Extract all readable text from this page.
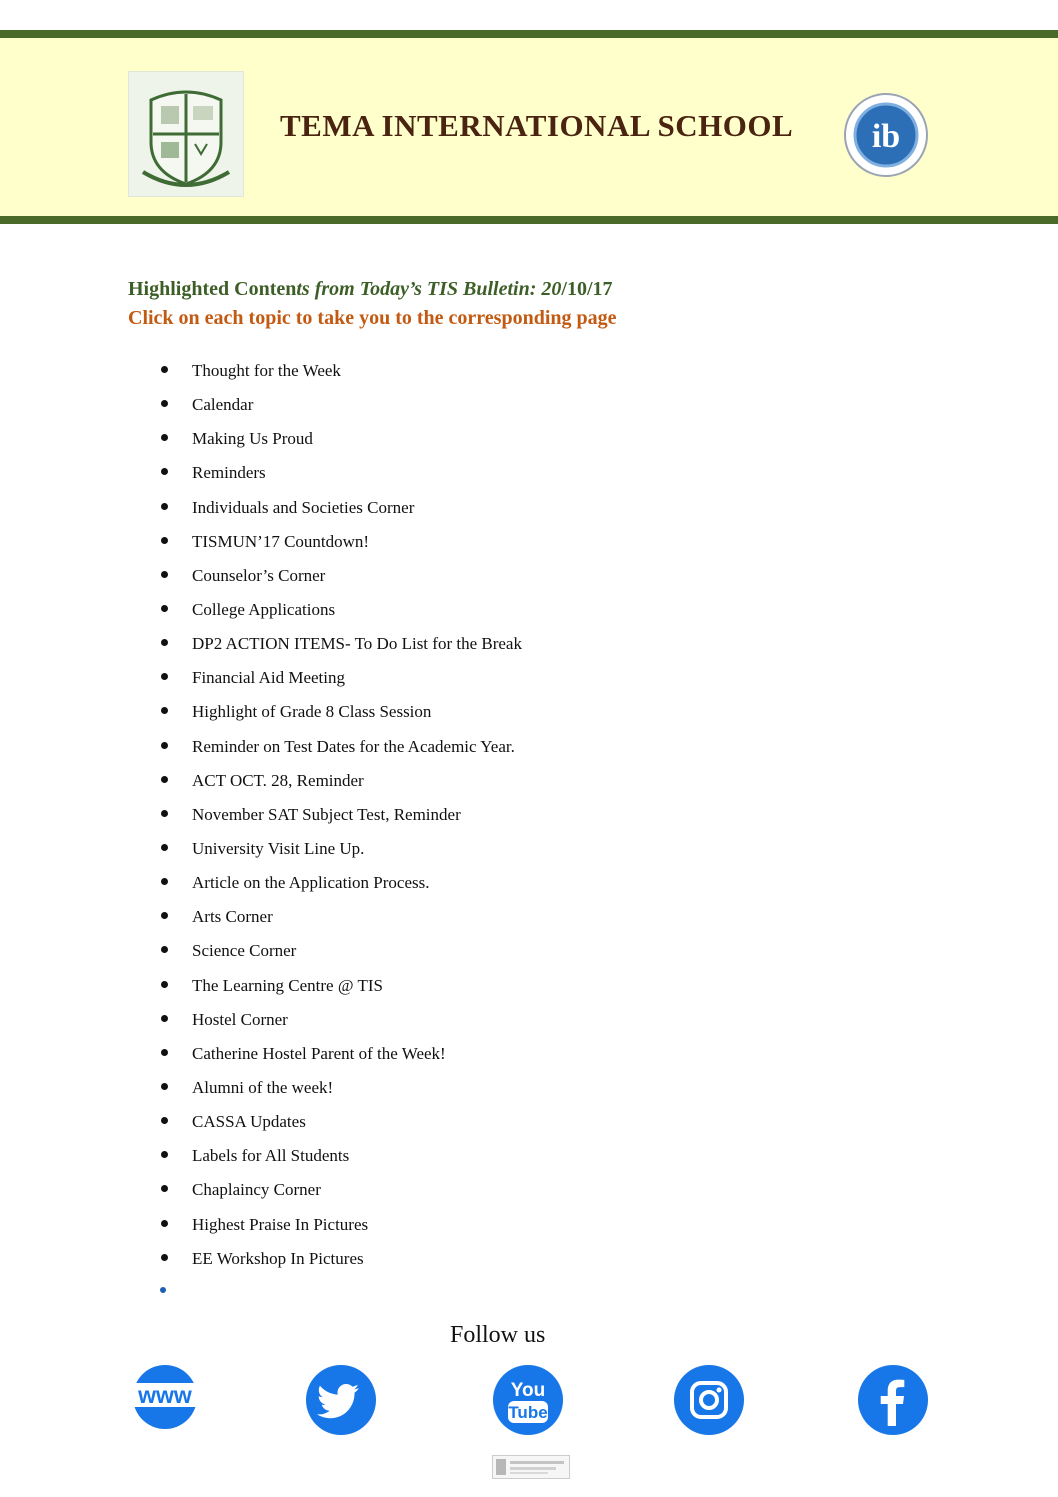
TEMA INTERNATIONAL SCHOOL ib
Highlighted Contents from Today’s TIS Bulletin: 20/10/17
Click on each topic to take you to the corresponding page
Thought for the Week
Calendar
Making Us Proud
Reminders
Individuals and Societies Corner
TISMUN’17 Countdown!
Counselor’s Corner
College Applications
DP2 ACTION ITEMS- To Do List for the Break
Financial Aid Meeting
Highlight of Grade 8 Class Session
Reminder on Test Dates for the Academic Year.
ACT OCT. 28, Reminder
November SAT Subject Test, Reminder
University Visit Line Up.
Article on the Application Process.
Arts Corner
Science Corner
The Learning Centre @ TIS
Hostel Corner
Catherine Hostel Parent of the Week!
Alumni of the week!
CASSA Updates
Labels for All Students
Chaplaincy Corner
Highest Praise In Pictures
EE Workshop In Pictures
Follow us
www	You
Tube
